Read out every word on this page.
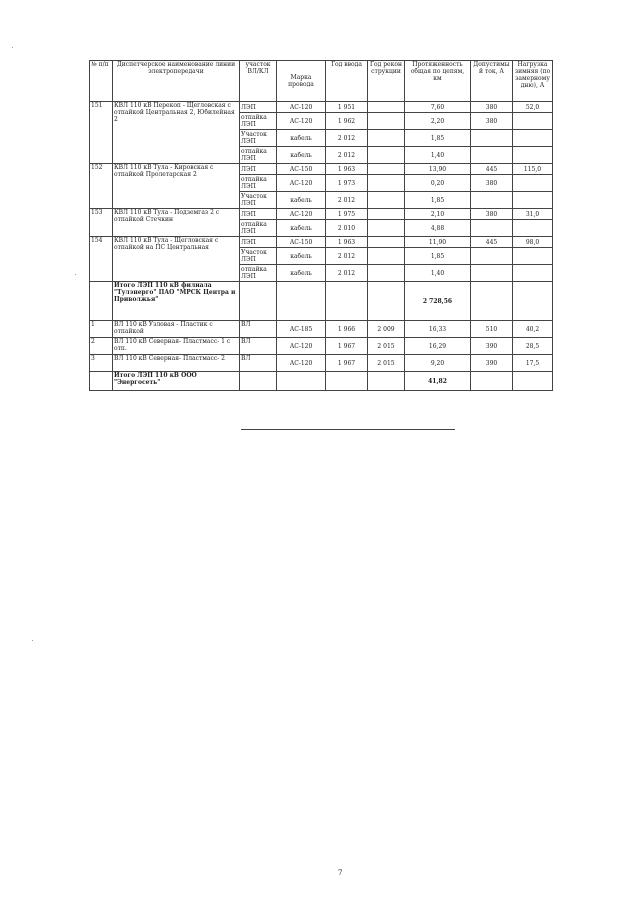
№ п/п	Диспетчерское наименование линии электропередачи	участок ВЛ/КЛ	Марка провода	Год ввода	Год рекон струкции	Протяженность общая по цепям, км	Допустимый ток, А	Нагрузка зимняя (по замерному дню), А
151	КВЛ 110 кВ Перекоп - Щегловская с отпайкой Центральная 2, Юбилейная 2	ЛЭП	АС-120	1 951		7,60	380	52,0
		отпайка ЛЭП	АС-120	1 962		2,20	380	
		Участок ЛЭП	кабель	2 012		1,85		
		отпайка ЛЭП	кабель	2 012		1,40		
152	КВЛ 110 кВ Тула - Кировская с отпайкой Пролетарская 2	ЛЭП	АС-150	1 963		13,90	445	115,0
		отпайка ЛЭП	АС-120	1 973		0,20	380	
		Участок ЛЭП	кабель	2 012		1,85		
153	КВЛ 110 кВ Тула - Подземгаз 2 с отпайкой Стечкин	ЛЭП	АС-120	1 975		2,10	380	31,0
		отпайка ЛЭП	кабель	2 010		4,88		
154	КВЛ 110 кВ Тула - Щегловская с отпайкой на ПС Центральная	ЛЭП	АС-150	1 963		11,90	445	98,0
		Участок ЛЭП	кабель	2 012		1,85		
		отпайка ЛЭП	кабель	2 012		1,40		
	Итого ЛЭП 110 кВ филиала "Тулэнерго" ПАО "МРСК Центра и Приволжья"					2 728,56		
1	ВЛ 110 кВ Узловая - Пластик с отпайкой	ВЛ	АС-185	1 966	2 009	16,33	510	40,2
2	ВЛ 110 кВ Северная- Пластмасс- 1 с отп.	ВЛ	АС-120	1 967	2 015	16,29	390	28,5
3	ВЛ 110 кВ Северная- Пластмасс- 2	ВЛ	АС-120	1 967	2 015	9,20	390	17,5
	Итого ЛЭП 110 кВ ООО "Энергосеть"					41,82		
7
